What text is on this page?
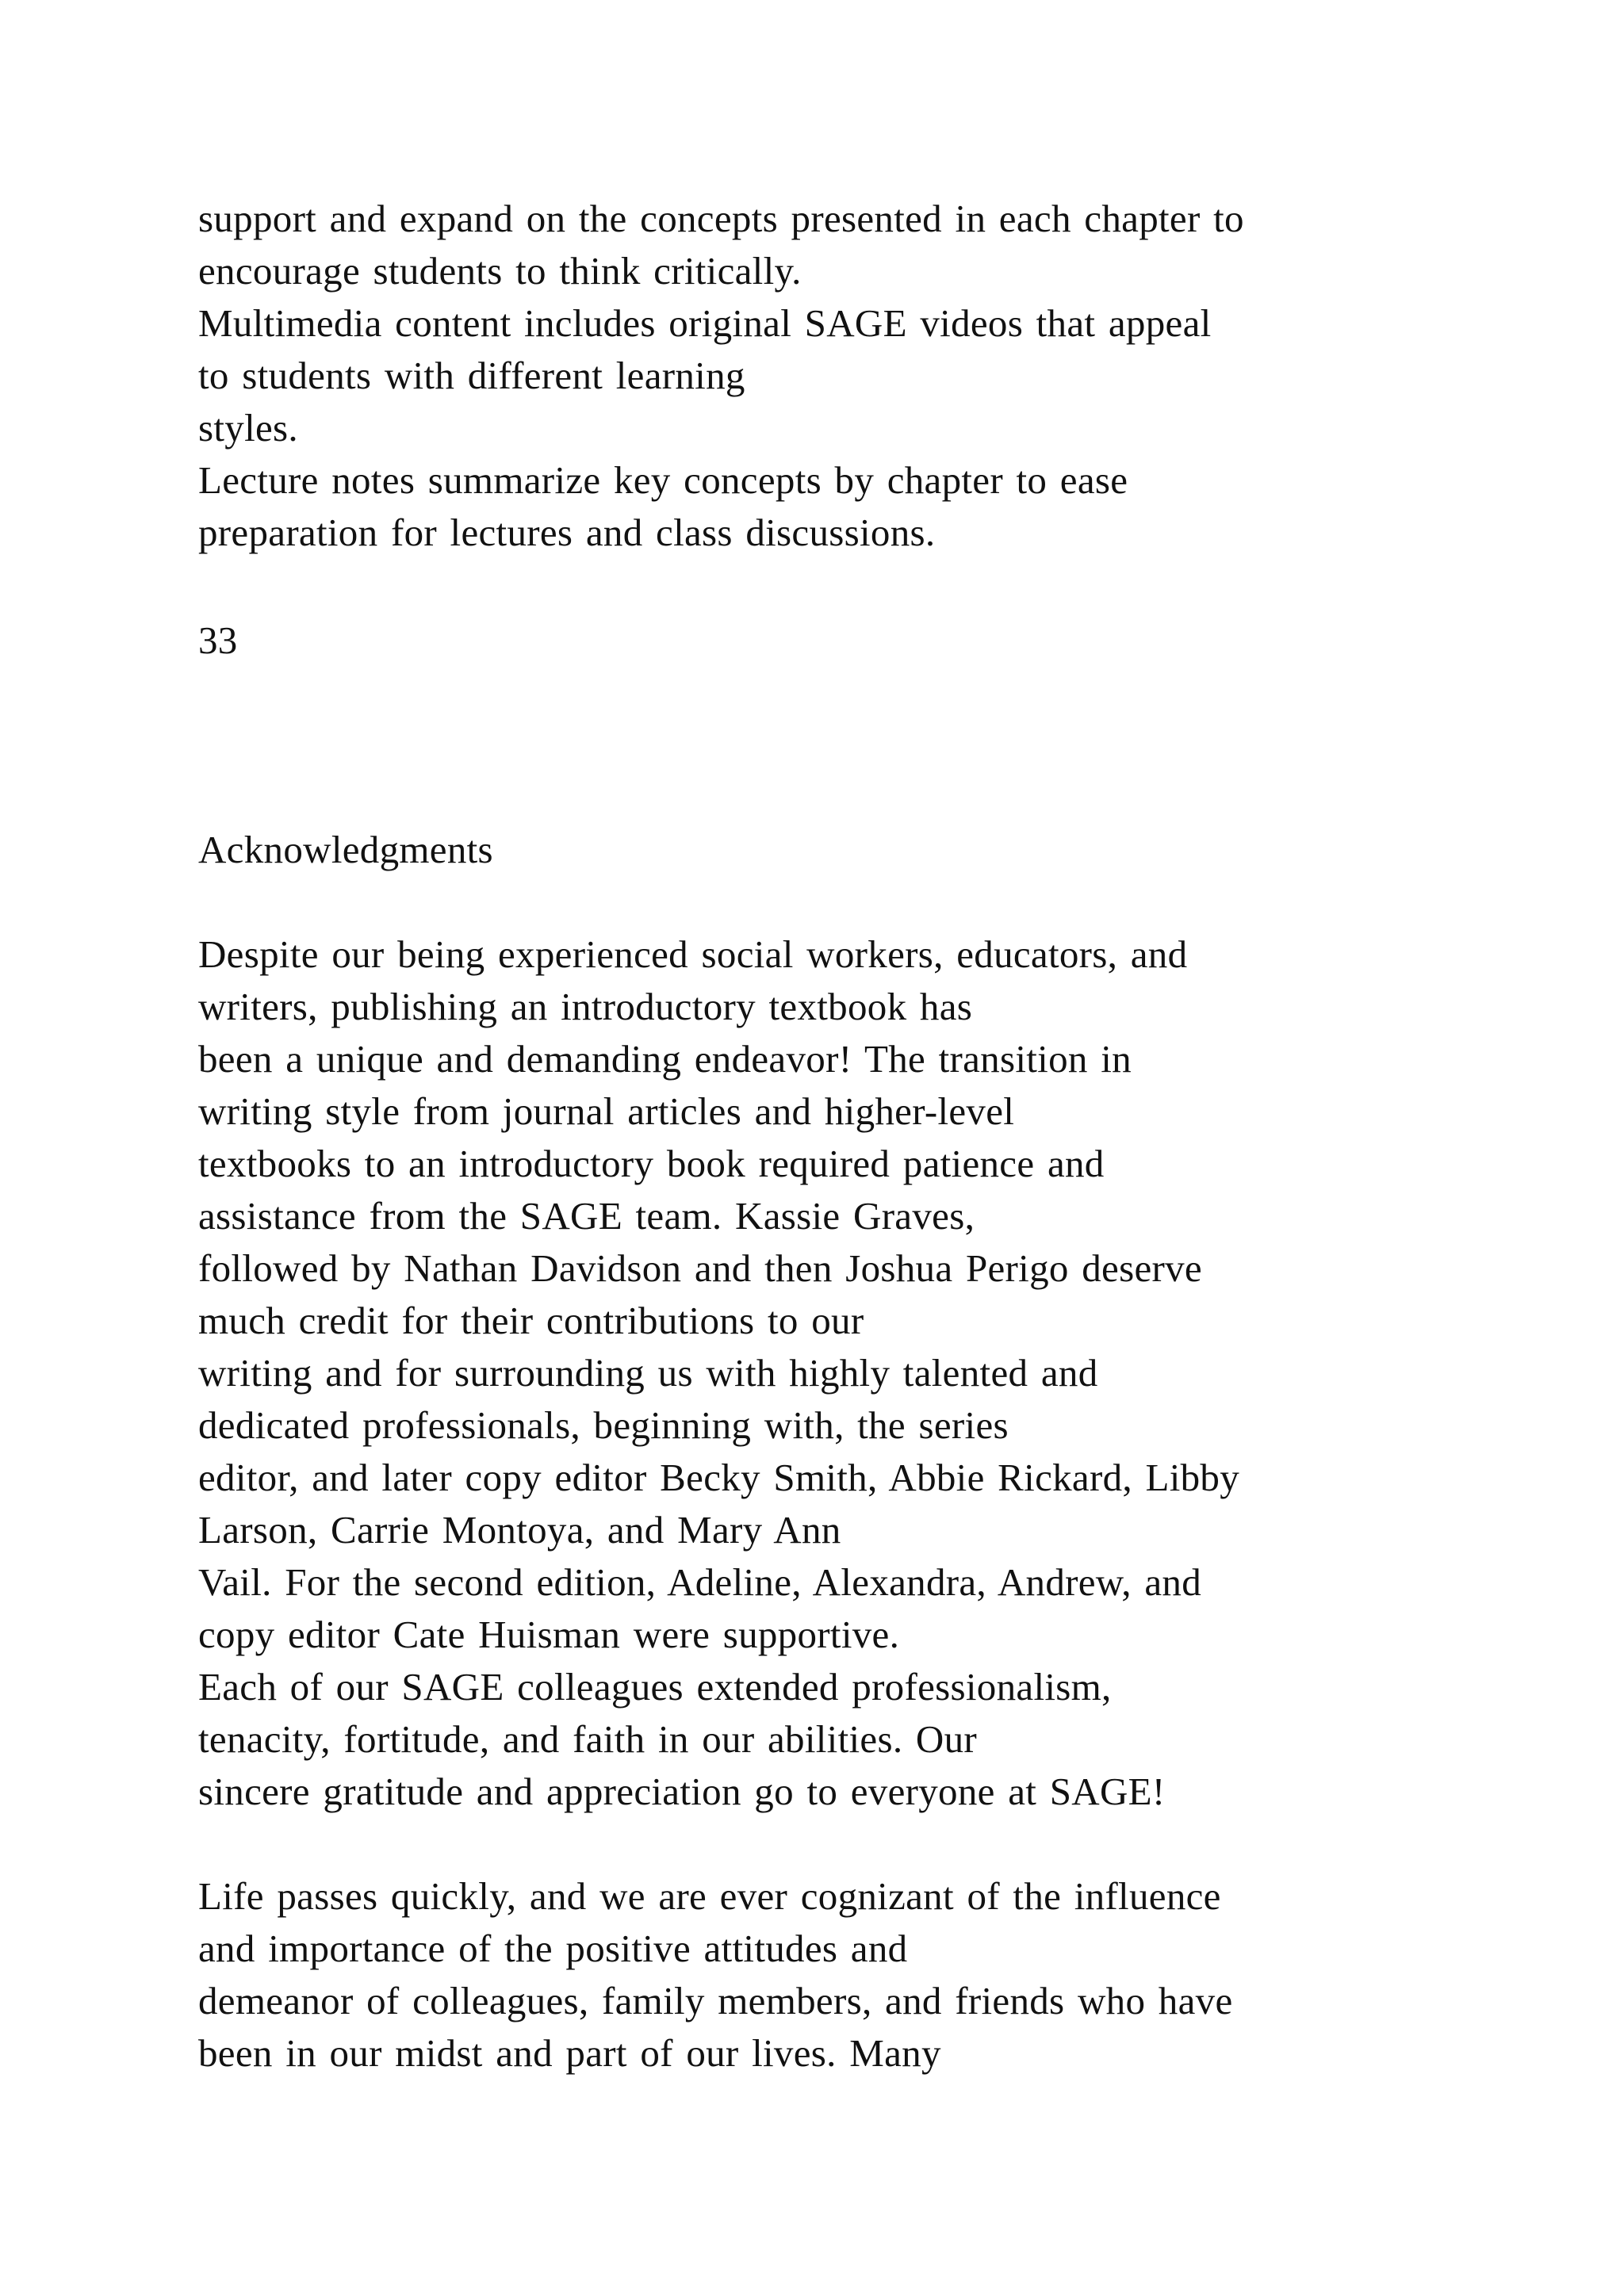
support and expand on the concepts presented in each chapter to

encourage students to think critically.

Multimedia content includes original SAGE videos that appeal

to students with different learning

styles.

Lecture notes summarize key concepts by chapter to ease

preparation for lectures and class discussions.

33

Acknowledgments

Despite our being experienced social workers, educators, and

writers, publishing an introductory textbook has

been a unique and demanding endeavor! The transition in

writing style from journal articles and higher-level

textbooks to an introductory book required patience and

assistance from the SAGE team. Kassie Graves,

followed by Nathan Davidson and then Joshua Perigo deserve

much credit for their contributions to our

writing and for surrounding us with highly talented and

dedicated professionals, beginning with, the series

editor, and later copy editor Becky Smith, Abbie Rickard, Libby

Larson, Carrie Montoya, and Mary Ann

Vail. For the second edition, Adeline, Alexandra, Andrew, and

copy editor Cate Huisman were supportive.

Each of our SAGE colleagues extended professionalism,

tenacity, fortitude, and faith in our abilities. Our

sincere gratitude and appreciation go to everyone at SAGE!

Life passes quickly, and we are ever cognizant of the influence

and importance of the positive attitudes and

demeanor of colleagues, family members, and friends who have

been in our midst and part of our lives. Many
